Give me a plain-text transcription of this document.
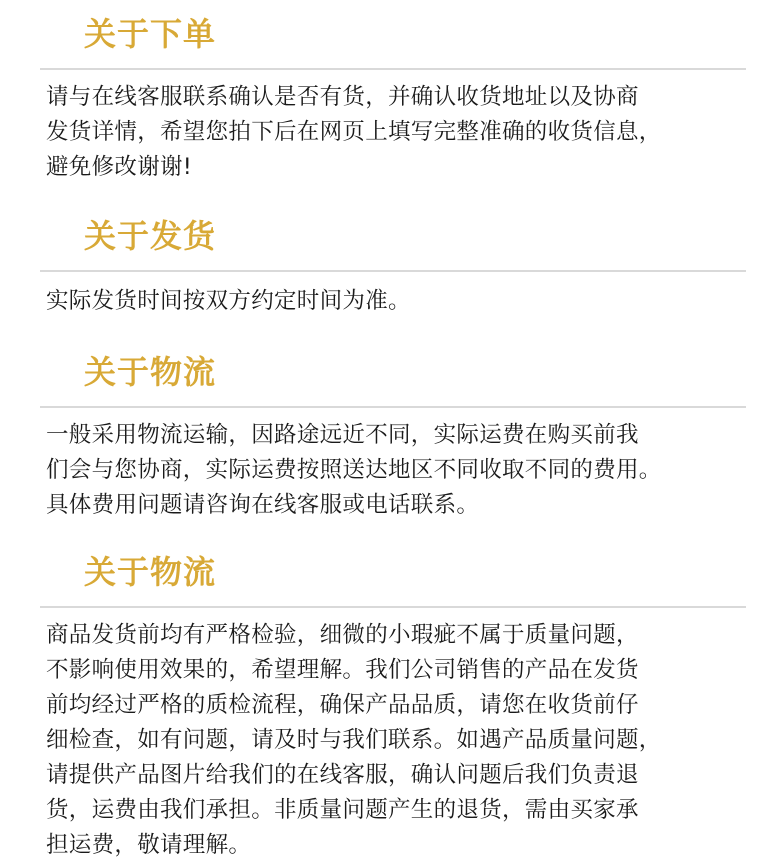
关于下单
请与在线客服联系确认是否有货，并确认收货地址以及协商
发货详情，希望您拍下后在网页上填写完整准确的收货信息，
避免修改谢谢!
关于发货
实际发货时间按双方约定时间为准。
关于物流
一般采用物流运输，因路途远近不同，实际运费在购买前我
们会与您协商，实际运费按照送达地区不同收取不同的费用。
具体费用问题请咨询在线客服或电话联系。
关于物流
商品发货前均有严格检验，细微的小瑕疵不属于质量问题，
不影响使用效果的，希望理解。我们公司销售的产品在发货
前均经过严格的质检流程，确保产品品质，请您在收货前仔
细检查，如有问题，请及时与我们联系。如遇产品质量问题，
请提供产品图片给我们的在线客服，确认问题后我们负责退
货，运费由我们承担。非质量问题产生的退货，需由买家承
担运费，敬请理解。
